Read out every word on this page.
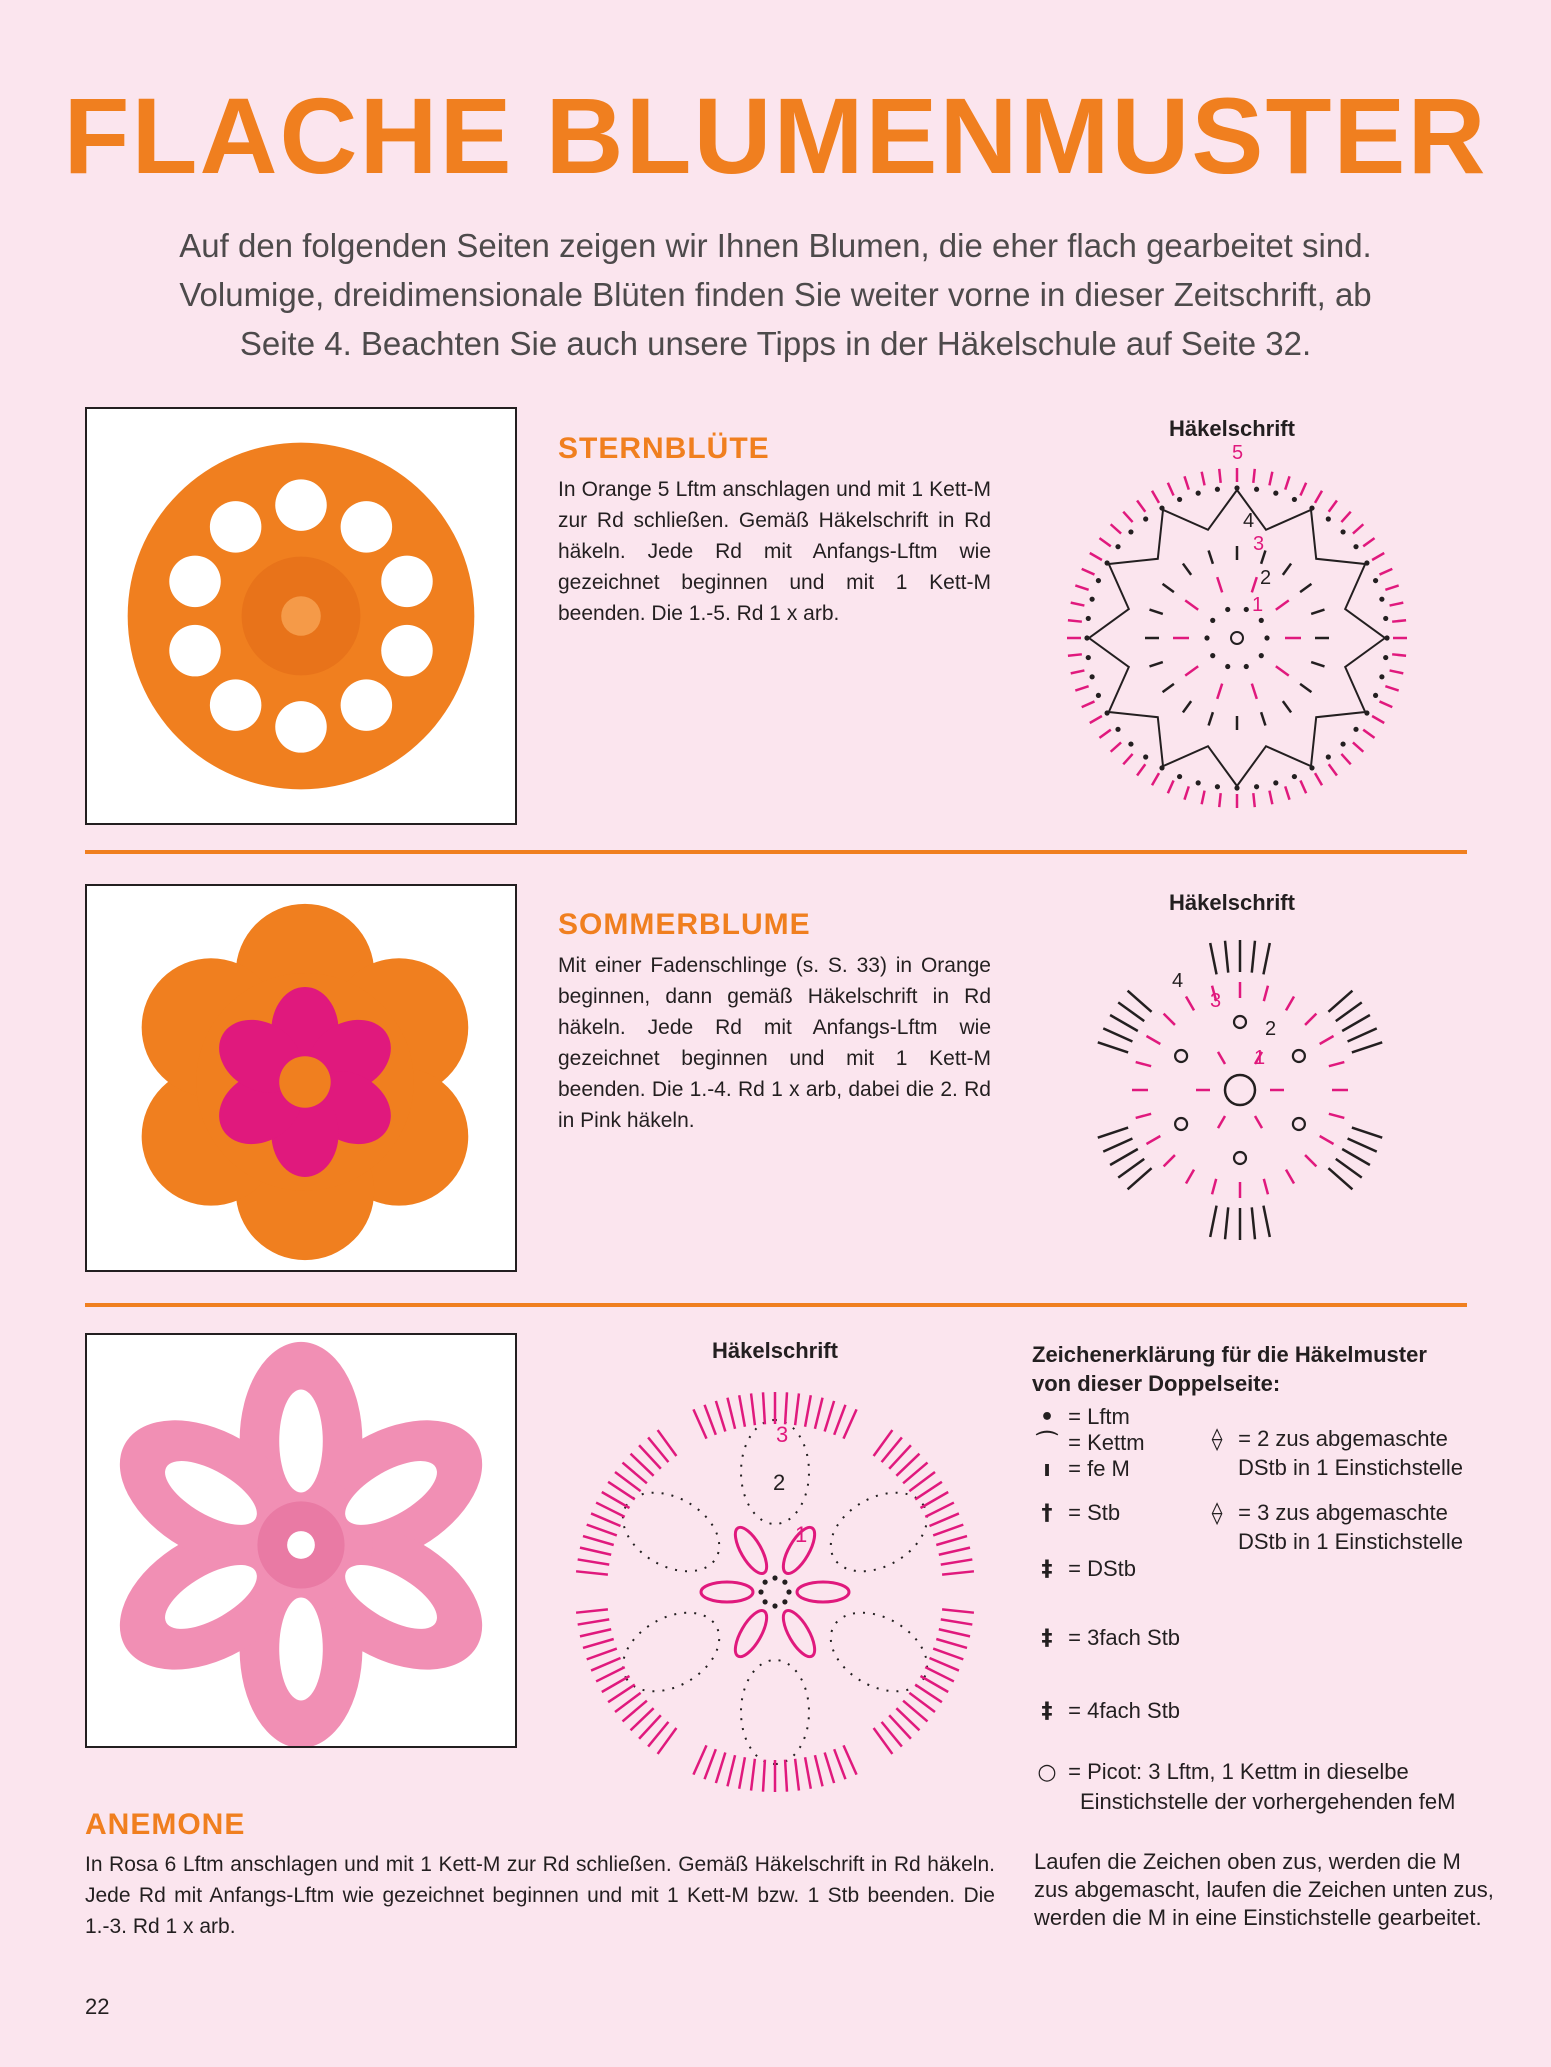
FLACHE BLUMENMUSTER
Auf den folgenden Seiten zeigen wir Ihnen Blumen, die eher flach gearbeitet sind.
Volumige, dreidimensionale Blüten finden Sie weiter vorne in dieser Zeitschrift, ab
Seite 4. Beachten Sie auch unsere Tipps in der Häkelschule auf Seite 32.
STERNBLÜTE
In Orange 5 Lftm anschlagen und mit 1 Kett-M zur Rd schließen. Gemäß Häkelschrift in Rd häkeln. Jede Rd mit Anfangs-Lftm wie gezeichnet beginnen und mit 1 Kett-M beenden. Die 1.-5. Rd 1 x arb.
Häkelschrift
5
4
3
2
1
SOMMERBLUME
Mit einer Fadenschlinge (s. S. 33) in Orange beginnen, dann gemäß Häkelschrift in Rd häkeln. Jede Rd mit Anfangs-Lftm wie gezeichnet beginnen und mit 1 Kett-M beenden. Die 1.-4. Rd 1 x arb, dabei die 2. Rd in Pink häkeln.
Häkelschrift
4
3
2
1
Häkelschrift
3
2
1
ANEMONE
In Rosa 6 Lftm anschlagen und mit 1 Kett-M zur Rd schließen. Gemäß Häkelschrift in Rd häkeln. Jede Rd mit Anfangs-Lftm wie gezeichnet beginnen und mit 1 Kett-M bzw. 1 Stb beenden. Die 1.-3. Rd 1 x arb.
Zeichenerklärung für die Häkelmuster
von dieser Doppelseite:
• = Lftm
⌒ = Kettm
ı = fe M
† = Stb
‡ = DStb
‡ = 3fach Stb
‡ = 4fach Stb
○ = Picot: 3 Lftm, 1 Kettm in dieselbe
Einstichstelle der vorhergehenden feM
⟠ = 2 zus abgemaschte
DStb in 1 Einstichstelle
⟠ = 3 zus abgemaschte
DStb in 1 Einstichstelle
Laufen die Zeichen oben zus, werden die M
zus abgemascht, laufen die Zeichen unten zus,
werden die M in eine Einstichstelle gearbeitet.
22
